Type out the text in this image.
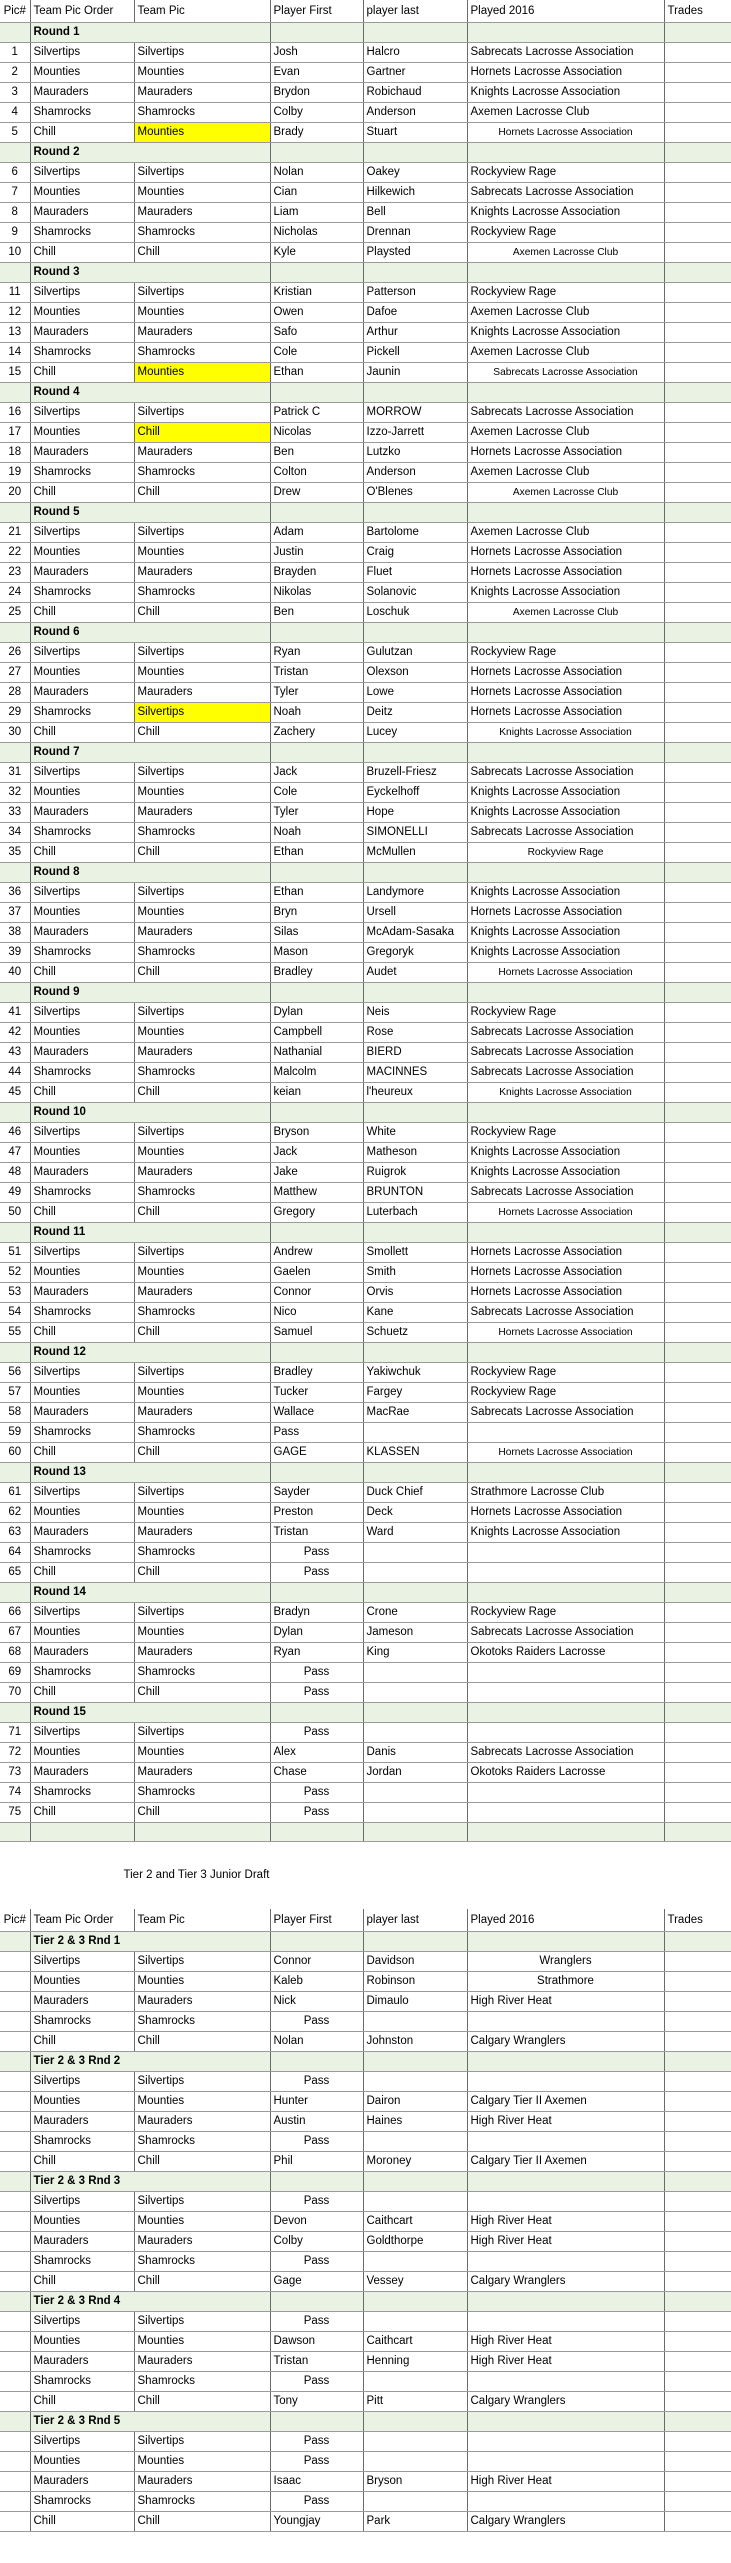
Pic#	Team Pic Order	Team Pic	Player First	player last	Played 2016	Trades
	Round 1					
1	Silvertips	Silvertips	Josh	Halcro	Sabrecats Lacrosse Association	
2	Mounties	Mounties	Evan	Gartner	Hornets Lacrosse Association	
3	Mauraders	Mauraders	Brydon	Robichaud	Knights Lacrosse Association	
4	Shamrocks	Shamrocks	Colby	Anderson	Axemen Lacrosse Club	
5	Chill	Mounties	Brady	Stuart	Hornets Lacrosse Association	
	Round 2					
6	Silvertips	Silvertips	Nolan	Oakey	Rockyview Rage	
7	Mounties	Mounties	Cian	Hilkewich	Sabrecats Lacrosse Association	
8	Mauraders	Mauraders	Liam	Bell	Knights Lacrosse Association	
9	Shamrocks	Shamrocks	Nicholas	Drennan	Rockyview Rage	
10	Chill	Chill	Kyle	Playsted	Axemen Lacrosse Club	
	Round 3					
11	Silvertips	Silvertips	Kristian	Patterson	Rockyview Rage	
12	Mounties	Mounties	Owen	Dafoe	Axemen Lacrosse Club	
13	Mauraders	Mauraders	Safo	Arthur	Knights Lacrosse Association	
14	Shamrocks	Shamrocks	Cole	Pickell	Axemen Lacrosse Club	
15	Chill	Mounties	Ethan	Jaunin	Sabrecats Lacrosse Association	
	Round 4					
16	Silvertips	Silvertips	Patrick C	MORROW	Sabrecats Lacrosse Association	
17	Mounties	Chill	Nicolas	Izzo-Jarrett	Axemen Lacrosse Club	
18	Mauraders	Mauraders	Ben	Lutzko	Hornets Lacrosse Association	
19	Shamrocks	Shamrocks	Colton	Anderson	Axemen Lacrosse Club	
20	Chill	Chill	Drew	O'Blenes	Axemen Lacrosse Club	
	Round 5					
21	Silvertips	Silvertips	Adam	Bartolome	Axemen Lacrosse Club	
22	Mounties	Mounties	Justin	Craig	Hornets Lacrosse Association	
23	Mauraders	Mauraders	Brayden	Fluet	Hornets Lacrosse Association	
24	Shamrocks	Shamrocks	Nikolas	Solanovic	Knights Lacrosse Association	
25	Chill	Chill	Ben	Loschuk	Axemen Lacrosse Club	
	Round 6					
26	Silvertips	Silvertips	Ryan	Gulutzan	Rockyview Rage	
27	Mounties	Mounties	Tristan	Olexson	Hornets Lacrosse Association	
28	Mauraders	Mauraders	Tyler	Lowe	Hornets Lacrosse Association	
29	Shamrocks	Silvertips	Noah	Deitz	Hornets Lacrosse Association	
30	Chill	Chill	Zachery	Lucey	Knights Lacrosse Association	
	Round 7					
31	Silvertips	Silvertips	Jack	Bruzell-Friesz	Sabrecats Lacrosse Association	
32	Mounties	Mounties	Cole	Eyckelhoff	Knights Lacrosse Association	
33	Mauraders	Mauraders	Tyler	Hope	Knights Lacrosse Association	
34	Shamrocks	Shamrocks	Noah	SIMONELLI	Sabrecats Lacrosse Association	
35	Chill	Chill	Ethan	McMullen	Rockyview Rage	
	Round 8					
36	Silvertips	Silvertips	Ethan	Landymore	Knights Lacrosse Association	
37	Mounties	Mounties	Bryn	Ursell	Hornets Lacrosse Association	
38	Mauraders	Mauraders	Silas	McAdam-Sasaka	Knights Lacrosse Association	
39	Shamrocks	Shamrocks	Mason	Gregoryk	Knights Lacrosse Association	
40	Chill	Chill	Bradley	Audet	Hornets Lacrosse Association	
	Round 9					
41	Silvertips	Silvertips	Dylan	Neis	Rockyview Rage	
42	Mounties	Mounties	Campbell	Rose	Sabrecats Lacrosse Association	
43	Mauraders	Mauraders	Nathanial	BIERD	Sabrecats Lacrosse Association	
44	Shamrocks	Shamrocks	Malcolm	MACINNES	Sabrecats Lacrosse Association	
45	Chill	Chill	keian	l'heureux	Knights Lacrosse Association	
	Round 10					
46	Silvertips	Silvertips	Bryson	White	Rockyview Rage	
47	Mounties	Mounties	Jack	Matheson	Knights Lacrosse Association	
48	Mauraders	Mauraders	Jake	Ruigrok	Knights Lacrosse Association	
49	Shamrocks	Shamrocks	Matthew	BRUNTON	Sabrecats Lacrosse Association	
50	Chill	Chill	Gregory	Luterbach	Hornets Lacrosse Association	
	Round 11					
51	Silvertips	Silvertips	Andrew	Smollett	Hornets Lacrosse Association	
52	Mounties	Mounties	Gaelen	Smith	Hornets Lacrosse Association	
53	Mauraders	Mauraders	Connor	Orvis	Hornets Lacrosse Association	
54	Shamrocks	Shamrocks	Nico	Kane	Sabrecats Lacrosse Association	
55	Chill	Chill	Samuel	Schuetz	Hornets Lacrosse Association	
	Round 12					
56	Silvertips	Silvertips	Bradley	Yakiwchuk	Rockyview Rage	
57	Mounties	Mounties	Tucker	Fargey	Rockyview Rage	
58	Mauraders	Mauraders	Wallace	MacRae	Sabrecats Lacrosse Association	
59	Shamrocks	Shamrocks	Pass			
60	Chill	Chill	GAGE	KLASSEN	Hornets Lacrosse Association	
	Round 13					
61	Silvertips	Silvertips	Sayder	Duck Chief	Strathmore Lacrosse Club	
62	Mounties	Mounties	Preston	Deck	Hornets Lacrosse Association	
63	Mauraders	Mauraders	Tristan	Ward	Knights Lacrosse Association	
64	Shamrocks	Shamrocks	Pass			
65	Chill	Chill	Pass			
	Round 14					
66	Silvertips	Silvertips	Bradyn	Crone	Rockyview Rage	
67	Mounties	Mounties	Dylan	Jameson	Sabrecats Lacrosse Association	
68	Mauraders	Mauraders	Ryan	King	Okotoks Raiders Lacrosse	
69	Shamrocks	Shamrocks	Pass			
70	Chill	Chill	Pass			
	Round 15					
71	Silvertips	Silvertips	Pass			
72	Mounties	Mounties	Alex	Danis	Sabrecats Lacrosse Association	
73	Mauraders	Mauraders	Chase	Jordan	Okotoks Raiders Lacrosse	
74	Shamrocks	Shamrocks	Pass			
75	Chill	Chill	Pass			

	Tier 2 and Tier 3 Junior Draft					

Pic#	Team Pic Order	Team Pic	Player First	player last	Played 2016	Trades
	Tier 2 & 3 Rnd 1					
	Silvertips	Silvertips	Connor	Davidson	Wranglers	
	Mounties	Mounties	Kaleb	Robinson	Strathmore	
	Mauraders	Mauraders	Nick	Dimaulo	High River Heat	
	Shamrocks	Shamrocks	Pass			
	Chill	Chill	Nolan	Johnston	Calgary Wranglers	
	Tier 2 & 3 Rnd 2					
	Silvertips	Silvertips	Pass			
	Mounties	Mounties	Hunter	Dairon	Calgary Tier II Axemen	
	Mauraders	Mauraders	Austin	Haines	High River Heat	
	Shamrocks	Shamrocks	Pass			
	Chill	Chill	Phil	Moroney	Calgary Tier II Axemen	
	Tier 2 & 3 Rnd 3					
	Silvertips	Silvertips	Pass			
	Mounties	Mounties	Devon	Caithcart	High River Heat	
	Mauraders	Mauraders	Colby	Goldthorpe	High River Heat	
	Shamrocks	Shamrocks	Pass			
	Chill	Chill	Gage	Vessey	Calgary Wranglers	
	Tier 2 & 3 Rnd 4					
	Silvertips	Silvertips	Pass			
	Mounties	Mounties	Dawson	Caithcart	High River Heat	
	Mauraders	Mauraders	Tristan	Henning	High River Heat	
	Shamrocks	Shamrocks	Pass			
	Chill	Chill	Tony	Pitt	Calgary Wranglers	
	Tier 2 & 3 Rnd 5					
	Silvertips	Silvertips	Pass			
	Mounties	Mounties	Pass			
	Mauraders	Mauraders	Isaac	Bryson	High River Heat	
	Shamrocks	Shamrocks	Pass			
	Chill	Chill	Youngjay	Park	Calgary Wranglers	
